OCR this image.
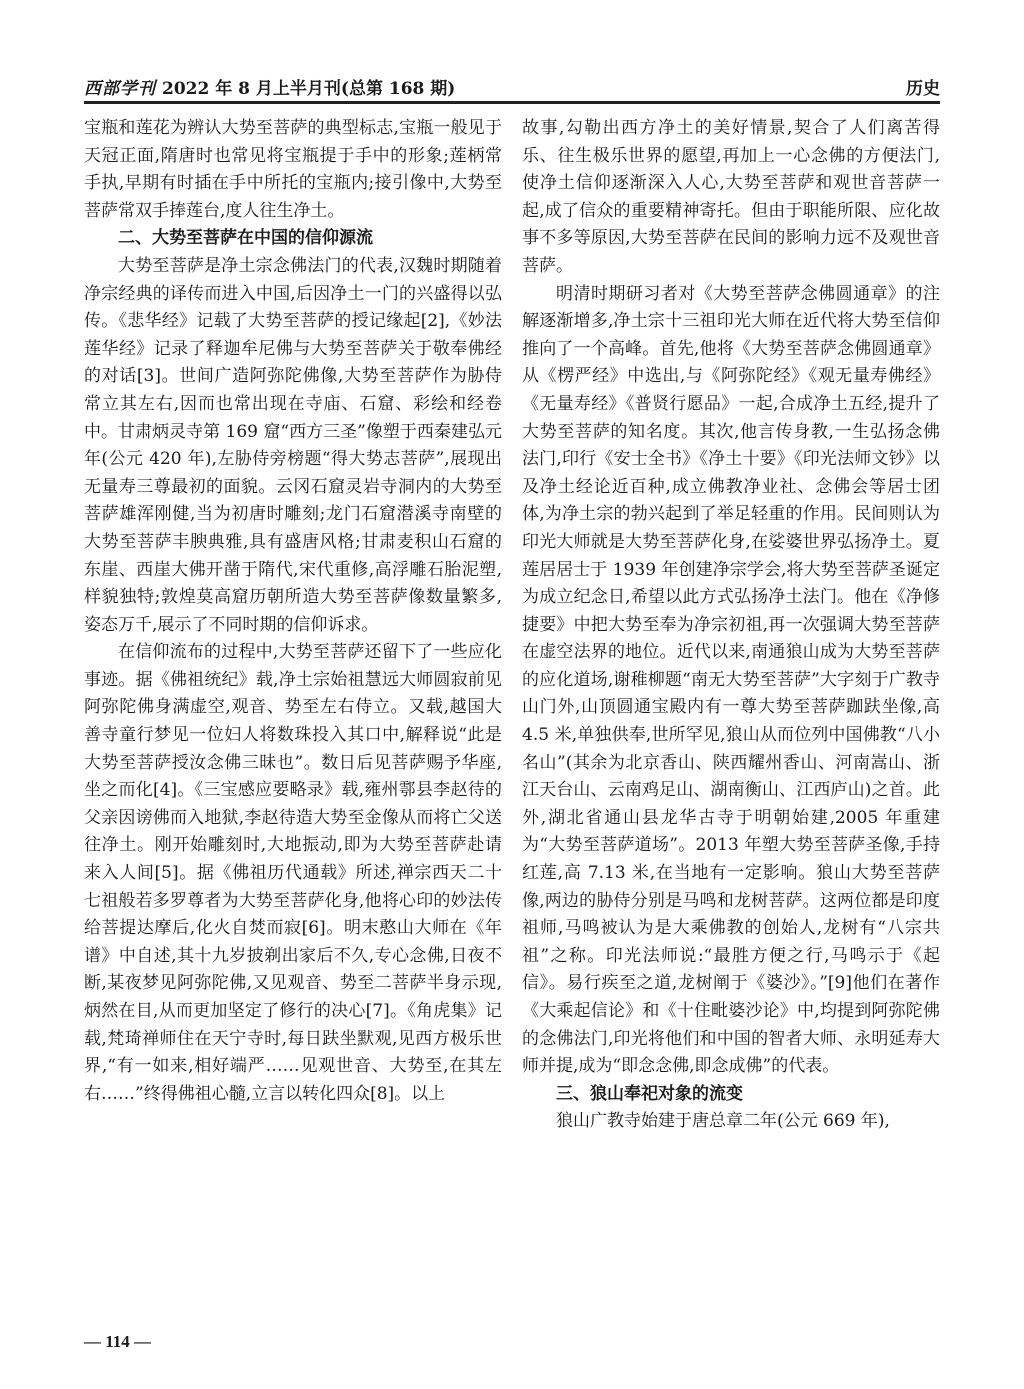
西部学刊 2022 年 8 月上半月刊(总第 168 期)	历史

宝瓶和莲花为辨认大势至菩萨的典型标志,宝瓶一般见于天冠正面,隋唐时也常见将宝瓶提于手中的形象;莲柄常手执,早期有时插在手中所托的宝瓶内;接引像中,大势至菩萨常双手捧莲台,度人往生净土。

二、大势至菩萨在中国的信仰源流

大势至菩萨是净土宗念佛法门的代表,汉魏时期随着净宗经典的译传而进入中国,后因净土一门的兴盛得以弘传。《悲华经》记载了大势至菩萨的授记缘起[2],《妙法莲华经》记录了释迦牟尼佛与大势至菩萨关于敬奉佛经的对话[3]。世间广造阿弥陀佛像,大势至菩萨作为胁侍常立其左右,因而也常出现在寺庙、石窟、彩绘和经卷中。甘肃炳灵寺第 169 窟“西方三圣”像塑于西秦建弘元年(公元 420 年),左胁侍旁榜题“得大势志菩萨”,展现出无量寿三尊最初的面貌。云冈石窟灵岩寺洞内的大势至菩萨雄浑刚健,当为初唐时雕刻;龙门石窟潜溪寺南壁的大势至菩萨丰腴典雅,具有盛唐风格;甘肃麦积山石窟的东崖、西崖大佛开凿于隋代,宋代重修,高浮雕石胎泥塑,样貌独特;敦煌莫高窟历朝所造大势至菩萨像数量繁多,姿态万千,展示了不同时期的信仰诉求。

在信仰流布的过程中,大势至菩萨还留下了一些应化事迹。据《佛祖统纪》载,净土宗始祖慧远大师圆寂前见阿弥陀佛身满虚空,观音、势至左右侍立。又载,越国大善寺童行梦见一位妇人将数珠投入其口中,解释说“此是大势至菩萨授汝念佛三昧也”。数日后见菩萨赐予华座,坐之而化[4]。《三宝感应要略录》载,雍州鄠县李赵待的父亲因谤佛而入地狱,李赵待造大势至金像从而将亡父送往净土。刚开始雕刻时,大地振动,即为大势至菩萨赴请来入人间[5]。据《佛祖历代通载》所述,禅宗西天二十七祖般若多罗尊者为大势至菩萨化身,他将心印的妙法传给菩提达摩后,化火自焚而寂[6]。明末憨山大师在《年谱》中自述,其十九岁披剃出家后不久,专心念佛,日夜不断,某夜梦见阿弥陀佛,又见观音、势至二菩萨半身示现,炳然在目,从而更加坚定了修行的决心[7]。《角虎集》记载,梵琦禅师住在天宁寺时,每日趺坐默观,见西方极乐世界,“有一如来,相好端严……见观世音、大势至,在其左右……”终得佛祖心髓,立言以转化四众[8]。以上

故事,勾勒出西方净土的美好情景,契合了人们离苦得乐、往生极乐世界的愿望,再加上一心念佛的方便法门,使净土信仰逐渐深入人心,大势至菩萨和观世音菩萨一起,成了信众的重要精神寄托。但由于职能所限、应化故事不多等原因,大势至菩萨在民间的影响力远不及观世音菩萨。

明清时期研习者对《大势至菩萨念佛圆通章》的注解逐渐增多,净土宗十三祖印光大师在近代将大势至信仰推向了一个高峰。首先,他将《大势至菩萨念佛圆通章》从《楞严经》中选出,与《阿弥陀经》《观无量寿佛经》《无量寿经》《普贤行愿品》一起,合成净土五经,提升了大势至菩萨的知名度。其次,他言传身教,一生弘扬念佛法门,印行《安士全书》《净土十要》《印光法师文钞》以及净土经论近百种,成立佛教净业社、念佛会等居士团体,为净土宗的勃兴起到了举足轻重的作用。民间则认为印光大师就是大势至菩萨化身,在娑婆世界弘扬净土。夏莲居居士于 1939 年创建净宗学会,将大势至菩萨圣诞定为成立纪念日,希望以此方式弘扬净土法门。他在《净修捷要》中把大势至奉为净宗初祖,再一次强调大势至菩萨在虚空法界的地位。近代以来,南通狼山成为大势至菩萨的应化道场,谢稚柳题“南无大势至菩萨”大字刻于广教寺山门外,山顶圆通宝殿内有一尊大势至菩萨跏趺坐像,高 4.5 米,单独供奉,世所罕见,狼山从而位列中国佛教“八小名山”(其余为北京香山、陕西耀州香山、河南嵩山、浙江天台山、云南鸡足山、湖南衡山、江西庐山)之首。此外,湖北省通山县龙华古寺于明朝始建,2005 年重建为“大势至菩萨道场”。2013 年塑大势至菩萨圣像,手持红莲,高 7.13 米,在当地有一定影响。狼山大势至菩萨像,两边的胁侍分别是马鸣和龙树菩萨。这两位都是印度祖师,马鸣被认为是大乘佛教的创始人,龙树有“八宗共祖”之称。印光法师说:“最胜方便之行,马鸣示于《起信》。易行疾至之道,龙树阐于《婆沙》。”[9]他们在著作《大乘起信论》和《十住毗婆沙论》中,均提到阿弥陀佛的念佛法门,印光将他们和中国的智者大师、永明延寿大师并提,成为“即念念佛,即念成佛”的代表。

三、狼山奉祀对象的流变

狼山广教寺始建于唐总章二年(公元 669 年),

— 114 —
